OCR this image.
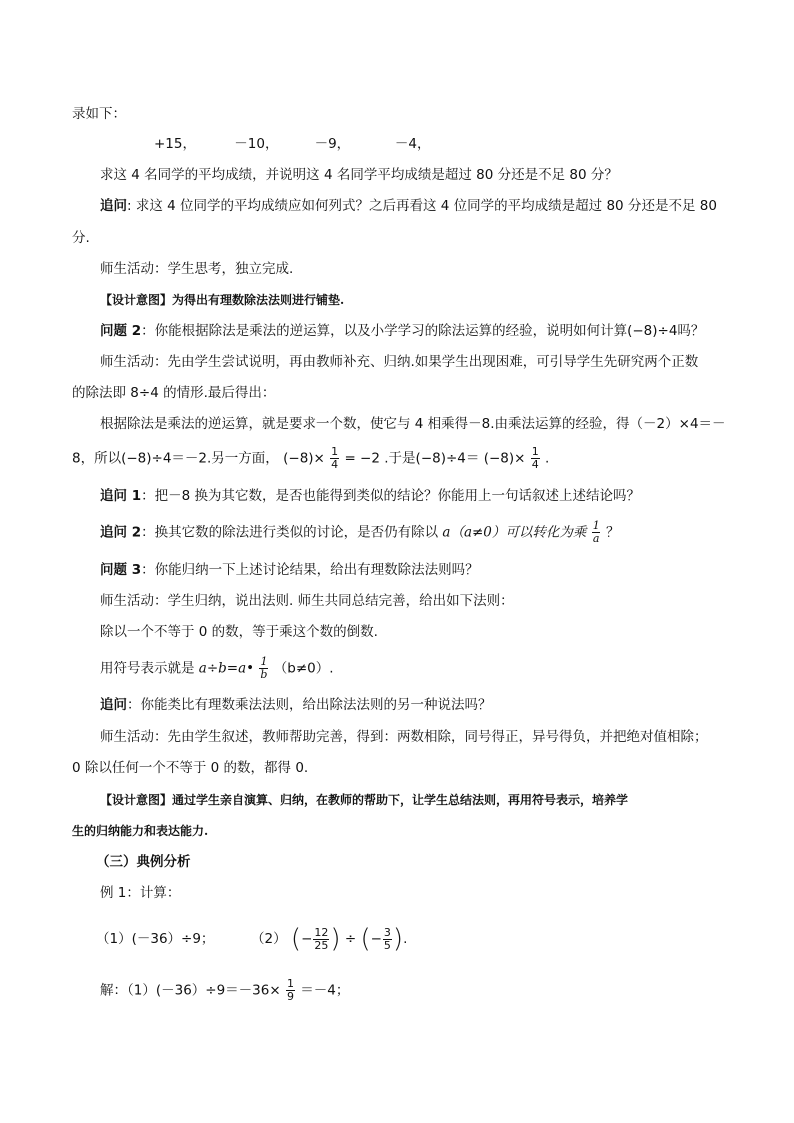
录如下：
+15，	－10，	－9，	－4，
求这 4 名同学的平均成绩，并说明这 4 名同学平均成绩是超过 80 分还是不足 80 分？
追问: 求这 4 位同学的平均成绩应如何列式？之后再看这 4 位同学的平均成绩是超过 80 分还是不足 80
分.
师生活动：学生思考，独立完成.
【设计意图】为得出有理数除法法则进行铺垫.
问题 2：你能根据除法是乘法的逆运算，以及小学学习的除法运算的经验，说明如何计算(−8)÷4吗？
师生活动：先由学生尝试说明，再由教师补充、归纳.如果学生出现困难，可引导学生先研究两个正数
的除法即 8÷4 的情形.最后得出：
根据除法是乘法的逆运算，就是要求一个数，使它与 4 相乘得－8.由乘法运算的经验，得（－2）×4＝－
8，所以(−8)÷4＝－2.另一方面， $(-8)\times \frac{1}{4} = -2$ .于是$(-8)\div 4= (-8)\times \frac{1}{4}$ .
追问 1：把－8 换为其它数，是否也能得到类似的结论？你能用上一句话叙述上述结论吗？
追问 2：换其它数的除法进行类似的讨论，是否仍有除以 a（a≠0）可以转化为乘 $\frac{1}{a}$ ？
问题 3：你能归纳一下上述讨论结果，给出有理数除法法则吗？
师生活动：学生归纳，说出法则. 师生共同总结完善，给出如下法则：
除以一个不等于 0 的数，等于乘这个数的倒数.
用符号表示就是 a÷b=a• $\frac{1}{b} (b\ne 0)$.
追问：你能类比有理数乘法法则，给出除法法则的另一种说法吗？
师生活动：先由学生叙述，教师帮助完善，得到：两数相除，同号得正，异号得负，并把绝对值相除；
0 除以任何一个不等于 0 的数，都得 0.
【设计意图】通过学生亲自演算、归纳，在教师的帮助下，让学生总结法则，再用符号表示，培养学
生的归纳能力和表达能力.
（三）典例分析
例 1：计算：
（1）(－36）÷9；	（2） (− $\frac{12}{25}$ ) ÷ (− $\frac{3}{5}$ ).
解：$(1)(-36)\div 9=-36\times \frac{1}{9} =-4$；
